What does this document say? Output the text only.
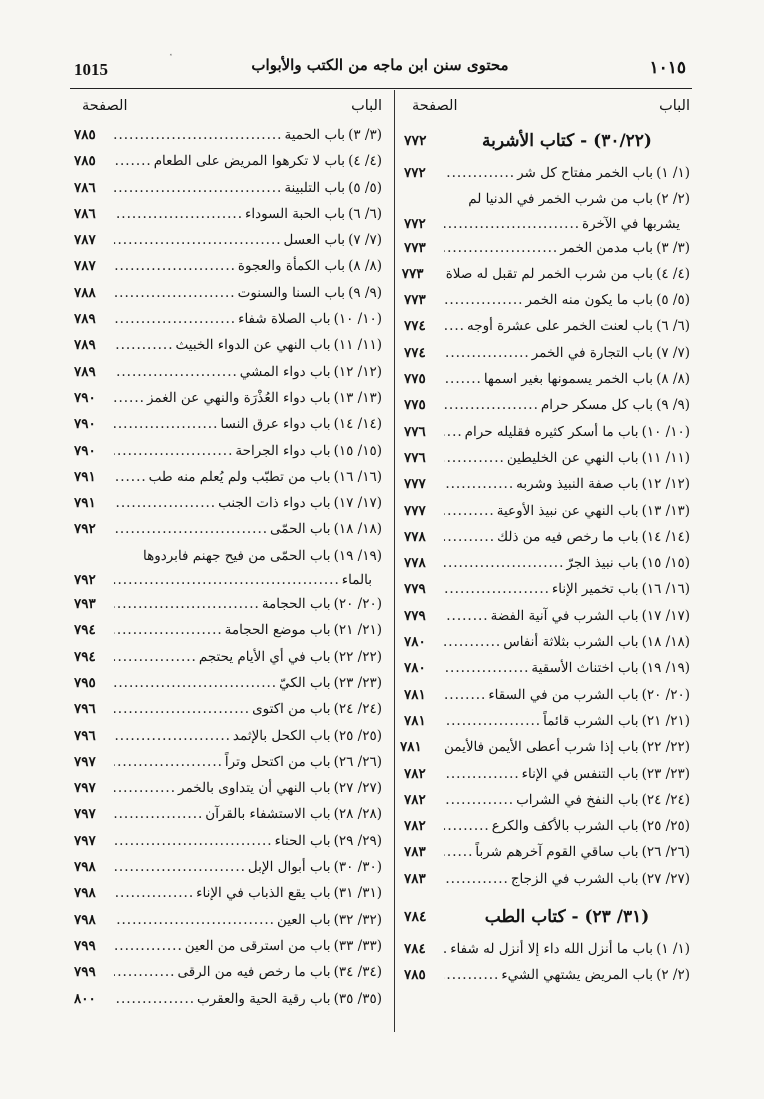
⸼
1015	محتوى سنن ابن ماجه من الكتب والأبواب	١٠١٥
الباب
الصفحة
(٣٠/٢٢) - كتاب الأشربة
٧٧٢
(١/ ١)
باب الخمر مفتاح كل شر
.....
٧٧٢
(٢/ ٢)
باب من شرب الخمر في الدنيا لم
يشربها في الآخرة
.....
٧٧٢
(٣/ ٣)
باب مدمن الخمر
.....
٧٧٣
(٤/ ٤)
باب من شرب الخمر لم تقبل له صلاة
.....
٧٧٣
(٥/ ٥)
باب ما يكون منه الخمر
.....
٧٧٣
(٦/ ٦)
باب لعنت الخمر على عشرة أوجه
.....
٧٧٤
(٧/ ٧)
باب التجارة في الخمر
.....
٧٧٤
(٨/ ٨)
باب الخمر يسمونها بغير اسمها
.....
٧٧٥
(٩/ ٩)
باب كل مسكر حرام
.....
٧٧٥
(١٠/ ١٠)
باب ما أسكر كثيره فقليله حرام
.....
٧٧٦
(١١/ ١١)
باب النهي عن الخليطين
.....
٧٧٦
(١٢/ ١٢)
باب صفة النبيذ وشربه
.....
٧٧٧
(١٣/ ١٣)
باب النهي عن نبيذ الأوعية
.....
٧٧٧
(١٤/ ١٤)
باب ما رخص فيه من ذلك
.....
٧٧٨
(١٥/ ١٥)
باب نبيذ الجرّ
.....
٧٧٨
(١٦/ ١٦)
باب تخمير الإناء
.....
٧٧٩
(١٧/ ١٧)
باب الشرب في آنية الفضة
.....
٧٧٩
(١٨/ ١٨)
باب الشرب بثلاثة أنفاس
.....
٧٨٠
(١٩/ ١٩)
باب اختناث الأسقية
.....
٧٨٠
(٢٠/ ٢٠)
باب الشرب من في السقاء
.....
٧٨١
(٢١/ ٢١)
باب الشرب قائماً
.....
٧٨١
(٢٢/ ٢٢)
باب إذا شرب أعطى الأيمن فالأيمن
.....
٧٨١
(٢٣/ ٢٣)
باب التنفس في الإناء
.....
٧٨٢
(٢٤/ ٢٤)
باب النفخ في الشراب
.....
٧٨٢
(٢٥/ ٢٥)
باب الشرب بالأكف والكرع
.....
٧٨٢
(٢٦/ ٢٦)
باب ساقي القوم آخرهم شرباً
.....
٧٨٣
(٢٧/ ٢٧)
باب الشرب في الزجاج
.....
٧٨٣
(٣١/ ٢٣) - كتاب الطب
٧٨٤
(١/ ١)
باب ما أنزل الله داء إلا أنزل له شفاء
.....
٧٨٤
(٢/ ٢)
باب المريض يشتهي الشيء
.....
٧٨٥
الباب
الصفحة
(٣/ ٣)
باب الحمية
.....
٧٨٥
(٤/ ٤)
باب لا تكرهوا المريض على الطعام
.....
٧٨٥
(٥/ ٥)
باب التلبينة
.....
٧٨٦
(٦/ ٦)
باب الحبة السوداء
.....
٧٨٦
(٧/ ٧)
باب العسل
.....
٧٨٧
(٨/ ٨)
باب الكمأة والعجوة
.....
٧٨٧
(٩/ ٩)
باب السنا والسنوت
.....
٧٨٨
(١٠/ ١٠)
باب الصلاة شفاء
.....
٧٨٩
(١١/ ١١)
باب النهي عن الدواء الخبيث
.....
٧٨٩
(١٢/ ١٢)
باب دواء المشي
.....
٧٨٩
(١٣/ ١٣)
باب دواء العُذْرَة والنهي عن الغمز
.....
٧٩٠
(١٤/ ١٤)
باب دواء عرق النسا
.....
٧٩٠
(١٥/ ١٥)
باب دواء الجراحة
.....
٧٩٠
(١٦/ ١٦)
باب من تطبّب ولم يُعلم منه طب
.....
٧٩١
(١٧/ ١٧)
باب دواء ذات الجنب
.....
٧٩١
(١٨/ ١٨)
باب الحمّى
.....
٧٩٢
(١٩/ ١٩)
باب الحمّى من فيح جهنم فابردوها
بالماء
.....
٧٩٢
(٢٠/ ٢٠)
باب الحجامة
.....
٧٩٣
(٢١/ ٢١)
باب موضع الحجامة
.....
٧٩٤
(٢٢/ ٢٢)
باب في أي الأيام يحتجم
.....
٧٩٤
(٢٣/ ٢٣)
باب الكيّ
.....
٧٩٥
(٢٤/ ٢٤)
باب من اكتوى
.....
٧٩٦
(٢٥/ ٢٥)
باب الكحل بالإثمد
.....
٧٩٦
(٢٦/ ٢٦)
باب من اكتحل وتراً
.....
٧٩٧
(٢٧/ ٢٧)
باب النهي أن يتداوى بالخمر
.....
٧٩٧
(٢٨/ ٢٨)
باب الاستشفاء بالقرآن
.....
٧٩٧
(٢٩/ ٢٩)
باب الحناء
.....
٧٩٧
(٣٠/ ٣٠)
باب أبوال الإبل
.....
٧٩٨
(٣١/ ٣١)
باب يقع الذباب في الإناء
.....
٧٩٨
(٣٢/ ٣٢)
باب العين
.....
٧٩٨
(٣٣/ ٣٣)
باب من استرقى من العين
.....
٧٩٩
(٣٤/ ٣٤)
باب ما رخص فيه من الرقى
.....
٧٩٩
(٣٥/ ٣٥)
باب رقية الحية والعقرب
.....
٨٠٠
